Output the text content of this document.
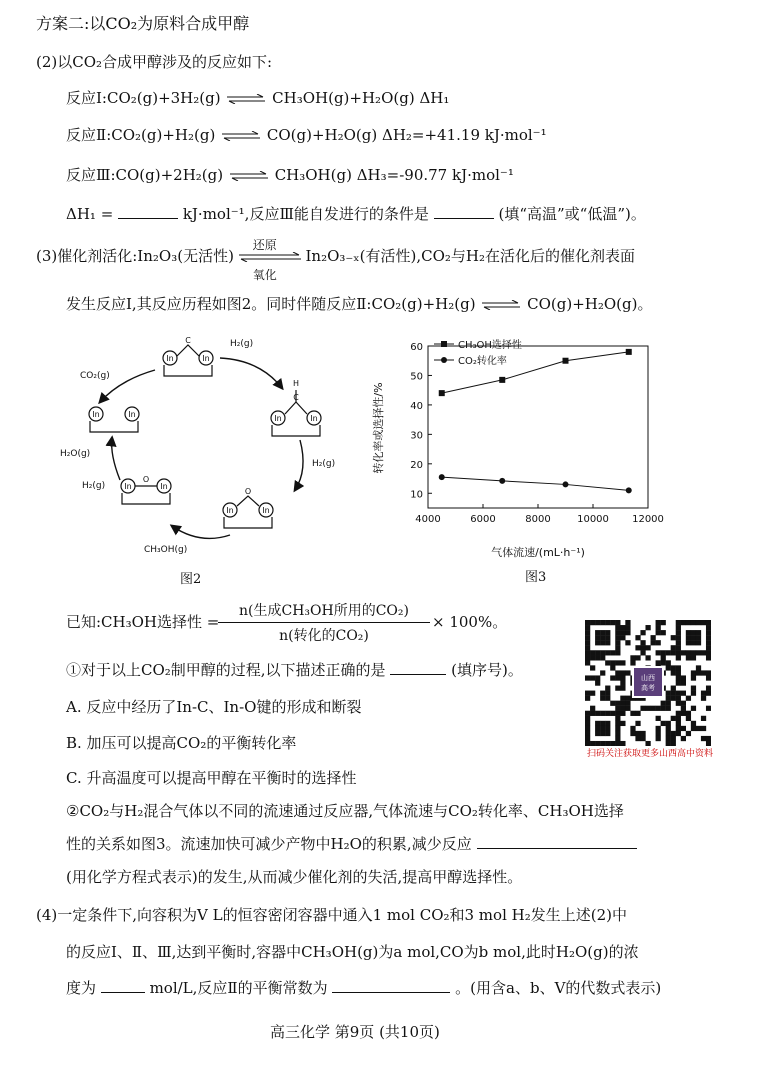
方案二:以CO₂为原料合成甲醇
(2)以CO₂合成甲醇涉及的反应如下:
反应Ⅰ:CO₂(g)+3H₂(g) ⇌ CH₃OH(g)+H₂O(g) ΔH₁
反应Ⅱ:CO₂(g)+H₂(g) ⇌ CO(g)+H₂O(g) ΔH₂=+41.19 kJ·mol⁻¹
反应Ⅲ:CO(g)+2H₂(g) ⇌ CH₃OH(g) ΔH₃=-90.77 kJ·mol⁻¹
ΔH₁ =	kJ·mol⁻¹,反应Ⅲ能自发进行的条件是	(填“高温”或“低温”)。
(3)催化剂活化:In₂O₃(无活性)
还原
氧化
In₂O₃₋ₓ(有活性),CO₂与H₂在活化后的催化剂表面
发生反应Ⅰ,其反应历程如图2。同时伴随反应Ⅱ:CO₂(g)+H₂(g) ⇌ CO(g)+H₂O(g)。
In	In
In	In	In	In
In	In
In	In
C
C
H
O
O
CO₂(g)
H₂(g)
H₂(g)
H₂O(g)
H₂(g)
CH₃OH(g)
图2
4000	6000	8000	10000 12000
10
20
30
40
50
60
气体流速/(mL·h⁻¹)
转化率或选择性/%
CH₃OH选择性
CO₂转化率
图3
已知:CH₃OH选择性 =
n(生成CH₃OH所用的CO₂)
n(转化的CO₂)
× 100%。
①对于以上CO₂制甲醇的过程,以下描述正确的是	(填序号)。
A. 反应中经历了In-C、In-O键的形成和断裂
B. 加压可以提高CO₂的平衡转化率
C. 升高温度可以提高甲醇在平衡时的选择性
②CO₂与H₂混合气体以不同的流速通过反应器,气体流速与CO₂转化率、CH₃OH选择
性的关系如图3。流速加快可减少产物中H₂O的积累,减少反应
(用化学方程式表示)的发生,从而减少催化剂的失活,提高甲醇选择性。
(4)一定条件下,向容积为V L的恒容密闭容器中通入1 mol CO₂和3 mol H₂发生上述(2)中
的反应Ⅰ、Ⅱ、Ⅲ,达到平衡时,容器中CH₃OH(g)为a mol,CO为b mol,此时H₂O(g)的浓
度为	mol/L,反应Ⅱ的平衡常数为	。(用含a、b、V的代数式表示)
山西
高考
扫码关注获取更多山西高中资料
高三化学 第9页 (共10页)
